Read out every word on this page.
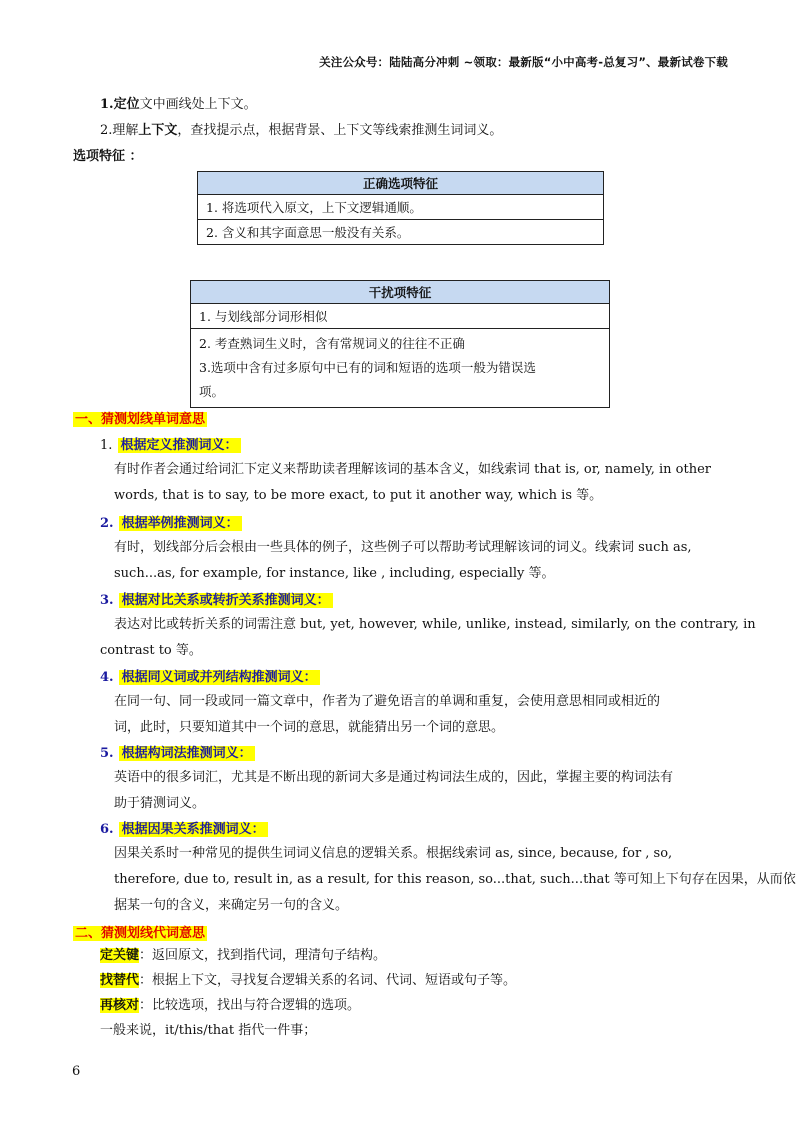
关注公众号：陆陆高分冲刺 ~领取：最新版“小中高考-总复习”、最新试卷下载
1.定位文中画线处上下文。
2.理解上下文，查找提示点，根据背景、上下文等线索推测生词词义。
选项特征 ：
正确选项特征
1. 将选项代入原文，上下文逻辑通顺。
2. 含义和其字面意思一般没有关系。
干扰项特征
1. 与划线部分词形相似

2. 考查熟词生义时，含有常规词义的往往不正确
3.选项中含有过多原句中已有的词和短语的选项一般为错误选
项。
一、猜测划线单词意思
1. 根据定义推测词义：
有时作者会通过给词汇下定义来帮助读者理解该词的基本含义，如线索词 that is, or, namely, in other
words, that is to say, to be more exact, to put it another way, which is 等。
2. 根据举例推测词义：
有时，划线部分后会根由一些具体的例子，这些例子可以帮助考试理解该词的词义。线索词 such as,
such...as, for example, for instance, like , including, especially 等。
3. 根据对比关系或转折关系推测词义：
表达对比或转折关系的词需注意 but, yet, however, while, unlike, instead, similarly, on the contrary, in
contrast to 等。
4. 根据同义词或并列结构推测词义：
在同一句、同一段或同一篇文章中，作者为了避免语言的单调和重复，会使用意思相同或相近的
词，此时，只要知道其中一个词的意思，就能猜出另一个词的意思。
5. 根据构词法推测词义：
英语中的很多词汇，尤其是不断出现的新词大多是通过构词法生成的，因此，掌握主要的构词法有
助于猜测词义。
6. 根据因果关系推测词义：
因果关系时一种常见的提供生词词义信息的逻辑关系。根据线索词 as, since, because, for , so,
therefore, due to, result in, as a result, for this reason, so...that, such...that 等可知上下句存在因果，从而依
据某一句的含义，来确定另一句的含义。
二、猜测划线代词意思
定关键：返回原文，找到指代词，理清句子结构。
找替代：根据上下文，寻找复合逻辑关系的名词、代词、短语或句子等。
再核对：比较选项，找出与符合逻辑的选项。
一般来说，it/this/that 指代一件事；
6
